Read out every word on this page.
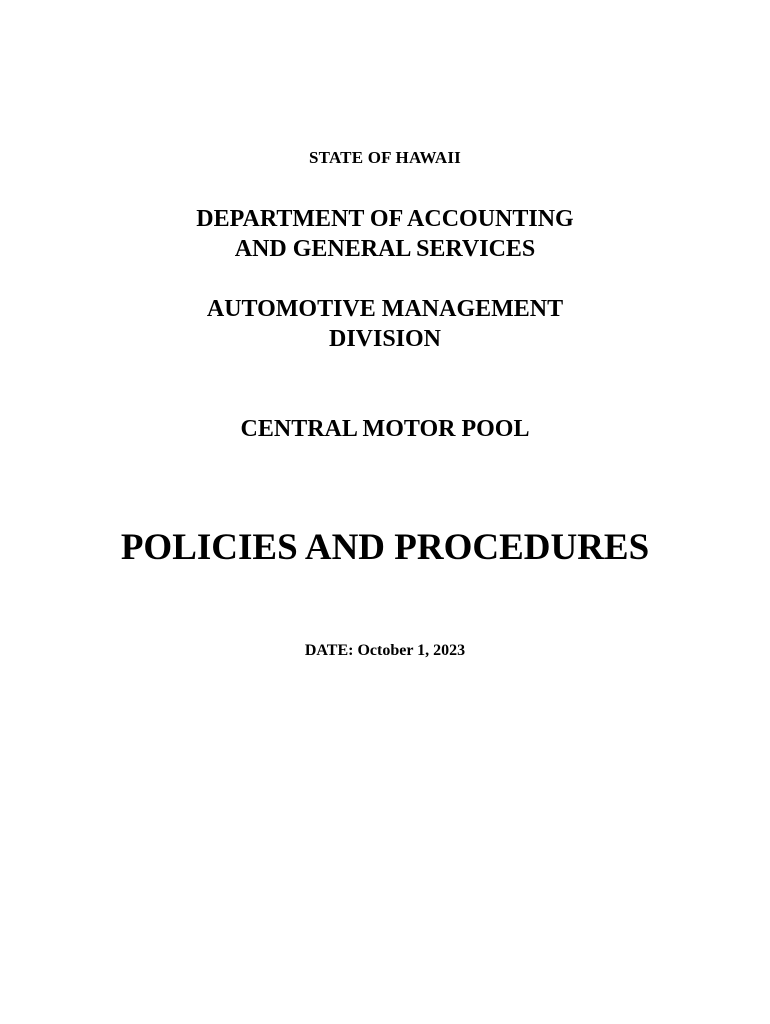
STATE OF HAWAII
DEPARTMENT OF ACCOUNTING
AND GENERAL SERVICES
AUTOMOTIVE MANAGEMENT
DIVISION
CENTRAL MOTOR POOL
POLICIES AND PROCEDURES
DATE: October 1, 2023
